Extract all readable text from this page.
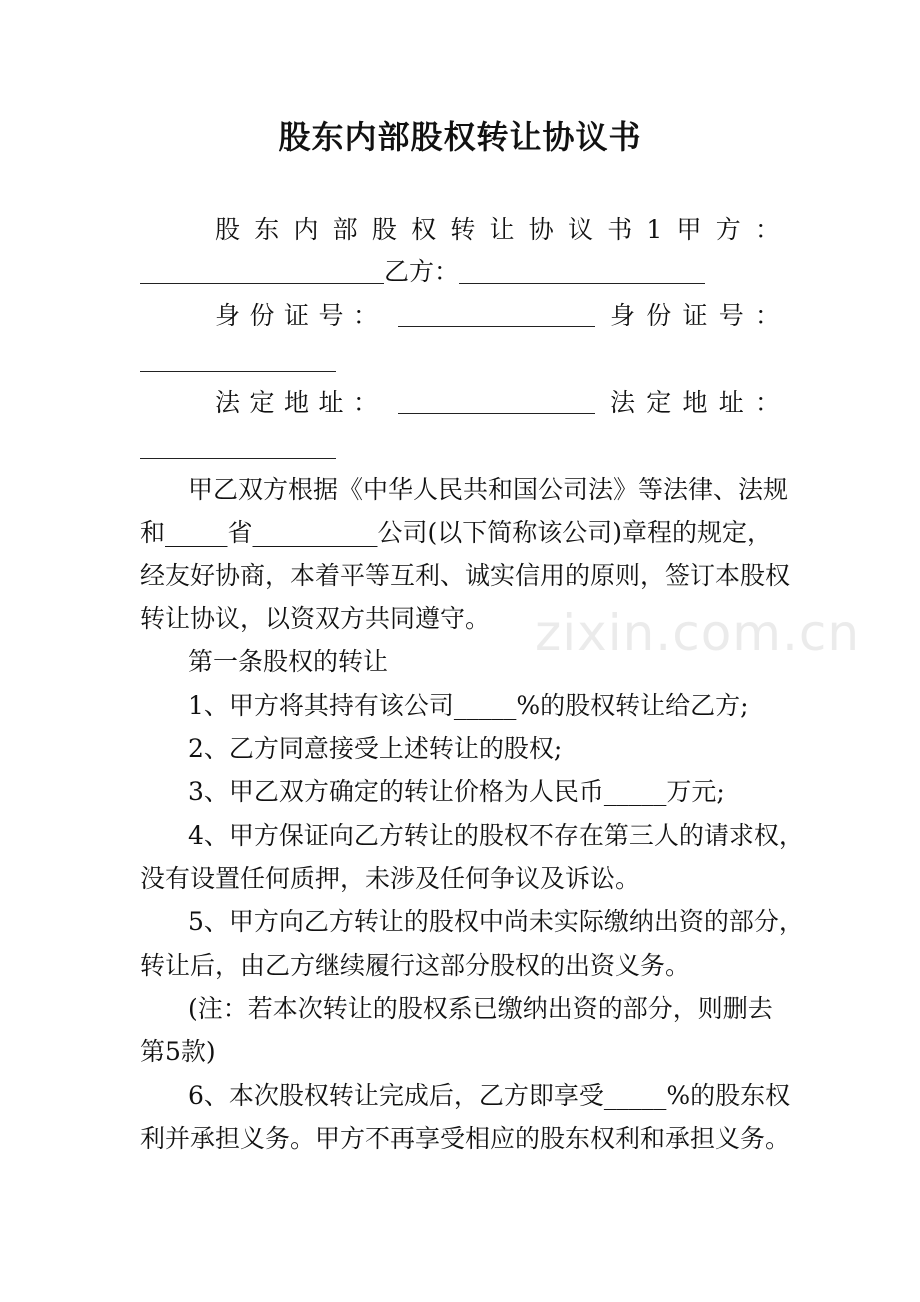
股东内部股权转让协议书
股 东 内 部 股 权 转 让 协 议 书 1 甲 方 ：
乙方：
身 份 证 号 ：	身 份 证 号 ：
法 定 地 址 ：	法 定 地 址 ：
甲乙双方根据《中华人民共和国公司法》等法律、法规
和_____省__________公司(以下简称该公司)章程的规定，
经友好协商，本着平等互利、诚实信用的原则，签订本股权
转让协议，以资双方共同遵守。
第一条股权的转让
1、甲方将其持有该公司_____%的股权转让给乙方;
2、乙方同意接受上述转让的股权;
3、甲乙双方确定的转让价格为人民币_____万元;
4、甲方保证向乙方转让的股权不存在第三人的请求权，
没有设置任何质押，未涉及任何争议及诉讼。
5、甲方向乙方转让的股权中尚未实际缴纳出资的部分，
转让后，由乙方继续履行这部分股权的出资义务。
(注：若本次转让的股权系已缴纳出资的部分，则删去
第5款)
6、本次股权转让完成后，乙方即享受_____%的股东权
利并承担义务。甲方不再享受相应的股东权利和承担义务。
zixin.com.cn
